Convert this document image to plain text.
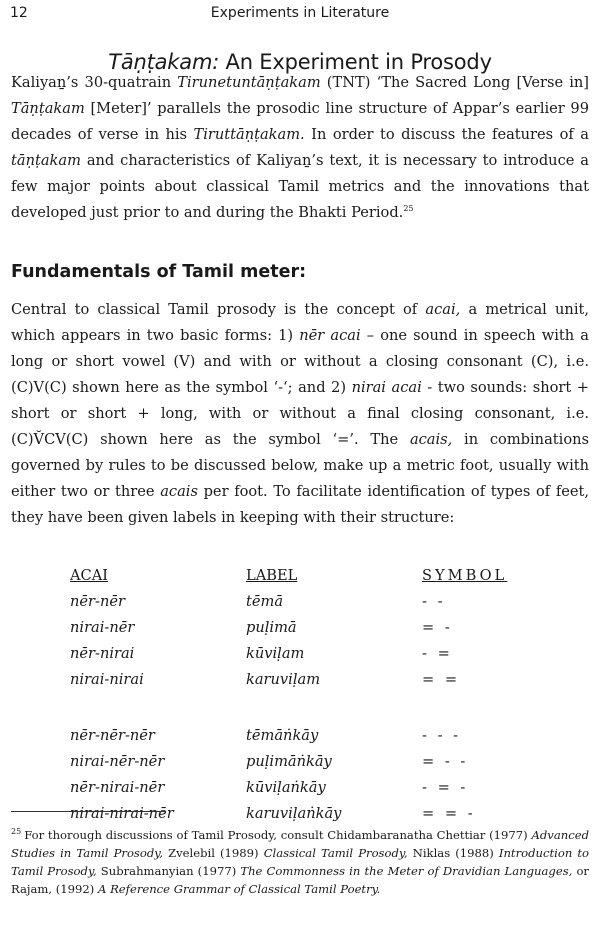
12	Experiments in Literature
Tāṇṭakam: An Experiment in Prosody

Kaliyaṉ’s 30-quatrain Tirunetuntāṇṭakam (TNT) ‘The Sacred Long [Verse in] Tāṇṭakam [Meter]’ parallels the prosodic line structure of Appar’s earlier 99 decades of verse in his Tiruttāṇṭakam. In order to discuss the features of a tāṇṭakam and characteristics of Kaliyaṉ’s text, it is necessary to introduce a few major points about classical Tamil metrics and the innovations that developed just prior to and during the Bhakti Period.$^{25}$

Fundamentals of Tamil meter:

Central to classical Tamil prosody is the concept of acai, a metrical unit, which appears in two basic forms: 1) nēr acai – one sound in speech with a long or short vowel (V) and with or without a closing consonant (C), i.e. (C)V(C) shown here as the symbol ‘-‘; and 2) nirai acai - two sounds: short + short or short + long, with or without a final closing consonant, i.e. (C)V̆CV(C) shown here as the symbol ‘=’. The acais, in combinations governed by rules to be discussed below, make up a metric foot, usually with either two or three acais per foot. To facilitate identification of types of feet, they have been given labels in keeping with their structure:

ACAI	LABEL	SYMBOL
nēr-nēr	tēmā	- -
nirai-nēr	puḷimā	= -
nēr-nirai	kūviḷam	- =
nirai-nirai	karuviḷam	= =

nēr-nēr-nēr	tēmāṅkāy	- - -
nirai-nēr-nēr	puḷimāṅkāy	= - -
nēr-nirai-nēr	kūviḷaṅkāy	- = -
nirai-nirai-nēr	karuviḷaṅkāy	= = -

$^{25}$ For thorough discussions of Tamil Prosody, consult Chidambaranatha Chettiar (1977) Advanced Studies in Tamil Prosody, Zvelebil (1989) Classical Tamil Prosody, Niklas (1988) Introduction to Tamil Prosody, Subrahmanyian (1977) The Commonness in the Meter of Dravidian Languages, or Rajam, (1992) A Reference Grammar of Classical Tamil Poetry.
